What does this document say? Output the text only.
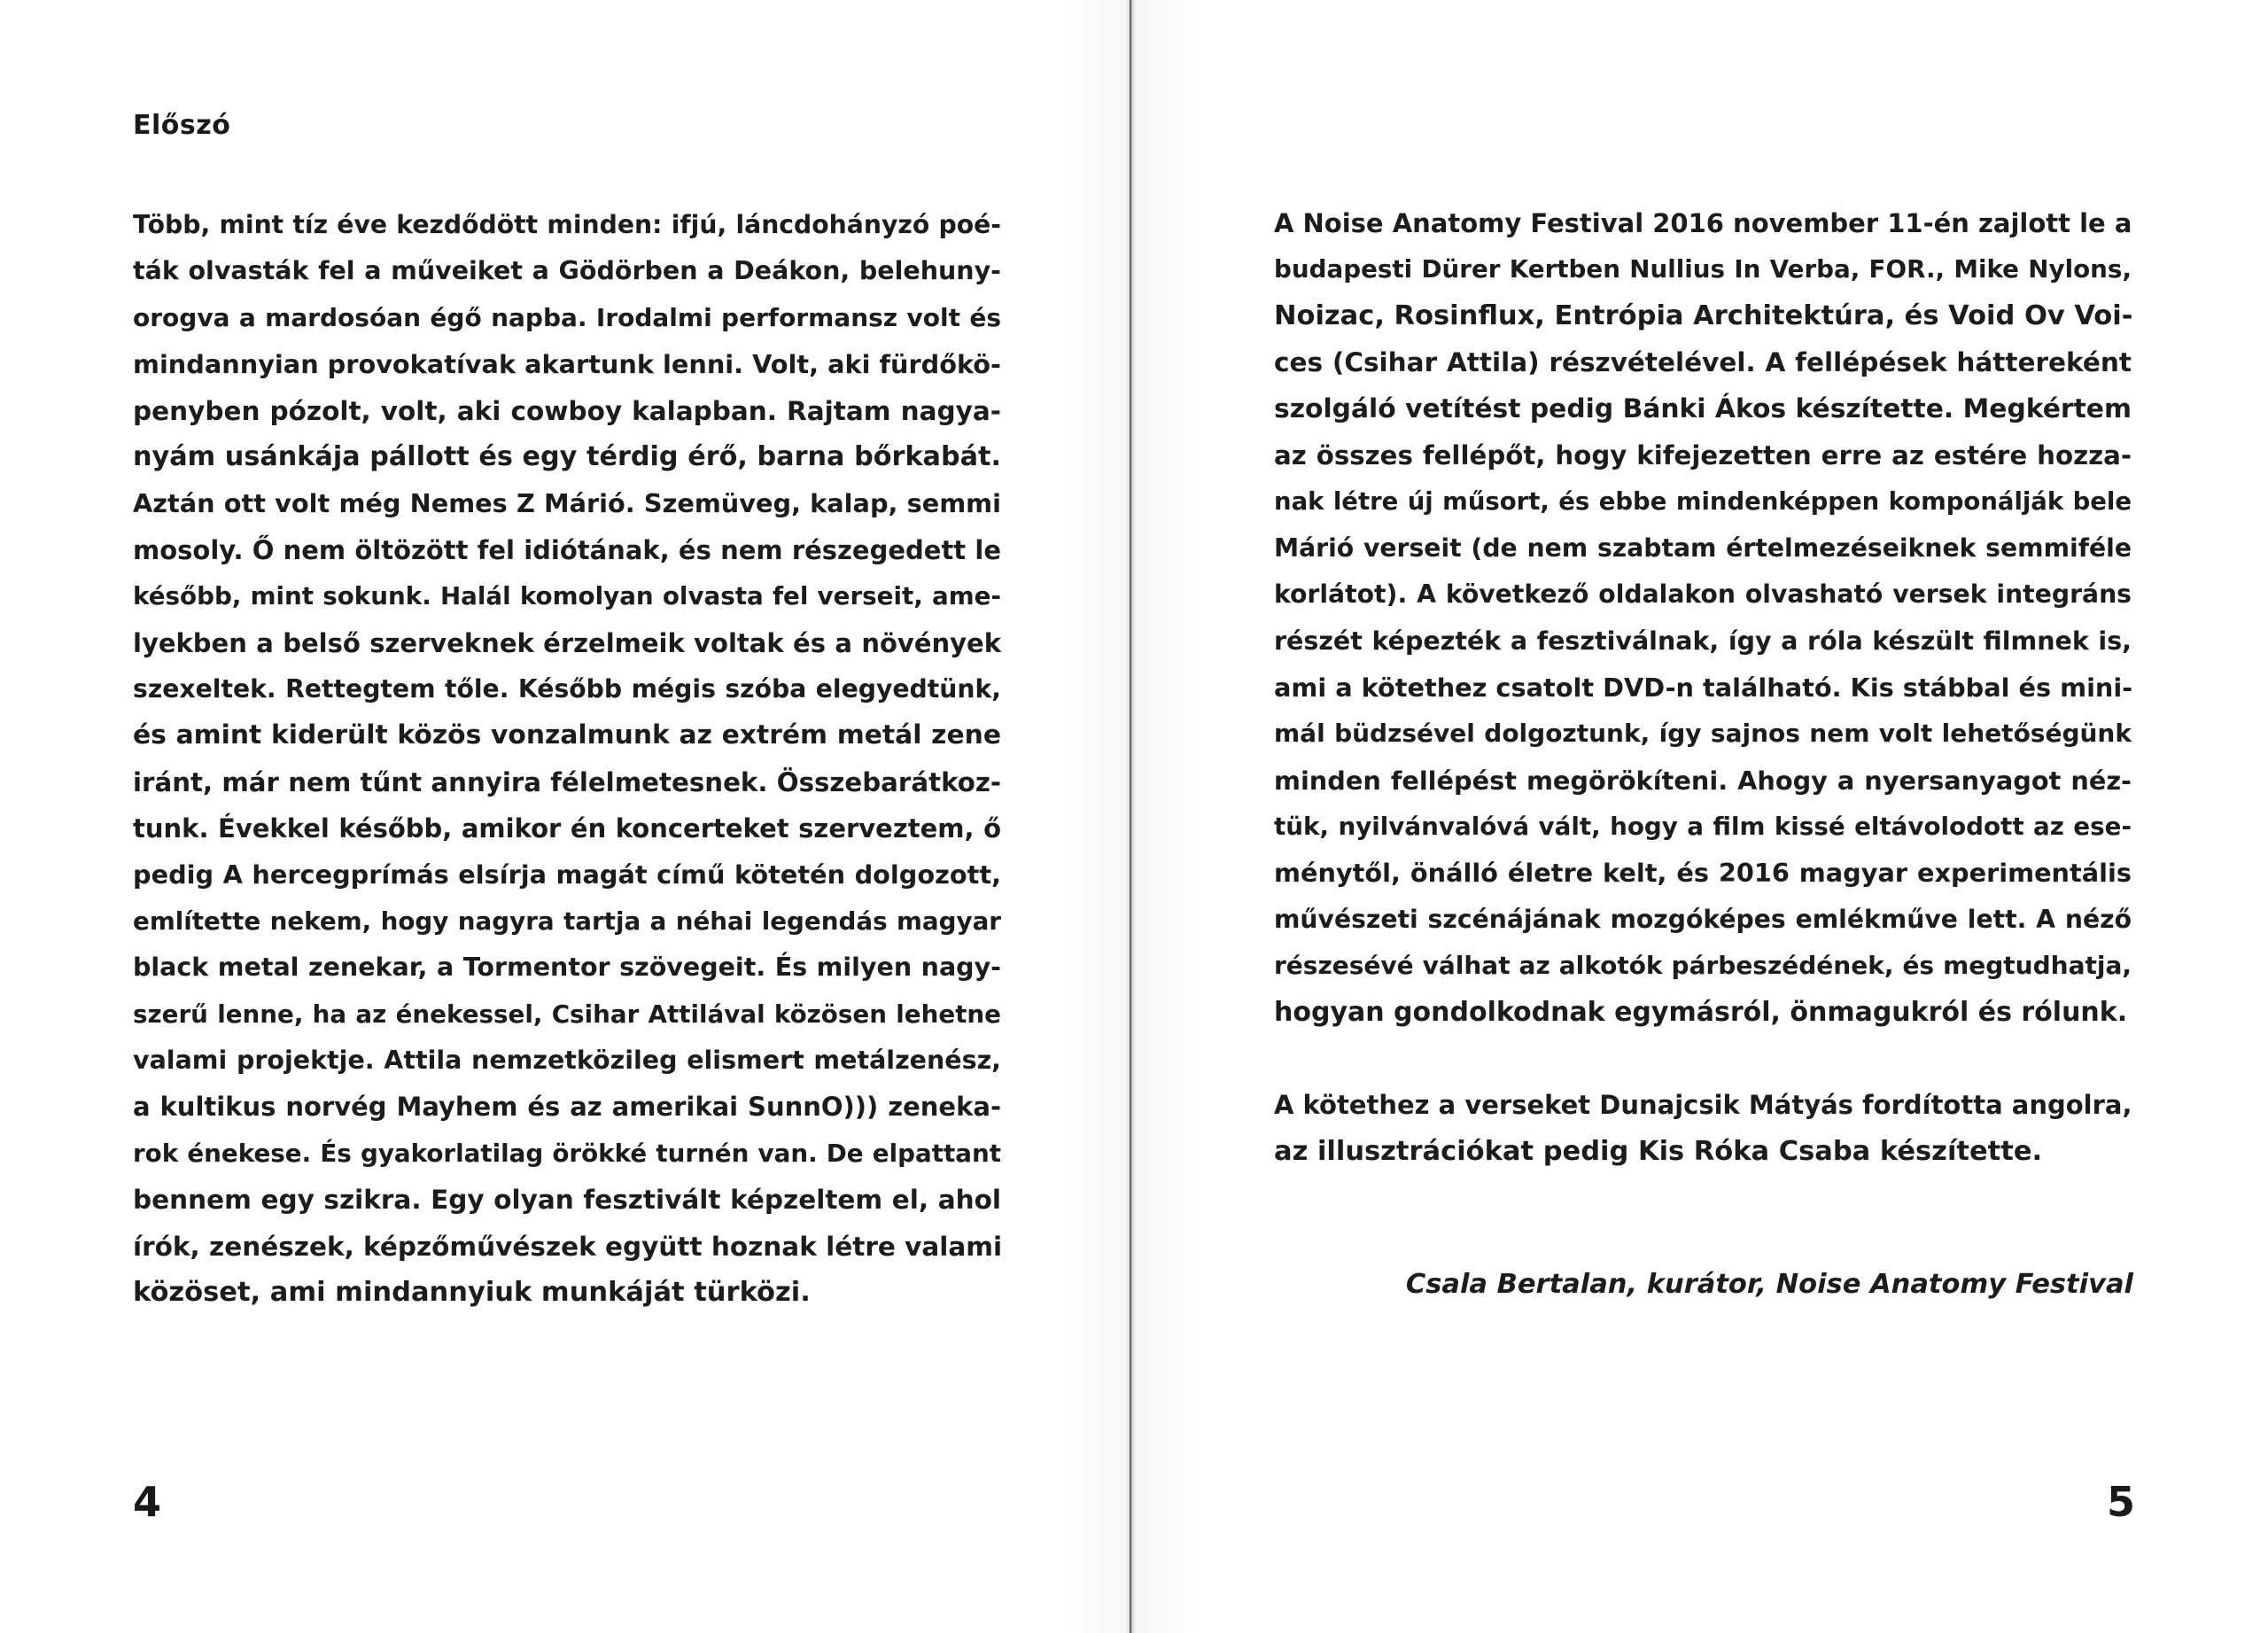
Előszó
Több, mint tíz éve kezdődött minden: ifjú, láncdohányzó poé-
ták olvasták fel a műveiket a Gödörben a Deákon, belehuny-
orogva a mardosóan égő napba. Irodalmi performansz volt és
mindannyian provokatívak akartunk lenni. Volt, aki fürdőkö-
penyben pózolt, volt, aki cowboy kalapban. Rajtam nagya-
nyám usánkája pállott és egy térdig érő, barna bőrkabát.
Aztán ott volt még Nemes Z Márió. Szemüveg, kalap, semmi
mosoly. Ő nem öltözött fel idiótának, és nem részegedett le
később, mint sokunk. Halál komolyan olvasta fel verseit, ame-
lyekben a belső szerveknek érzelmeik voltak és a növények
szexeltek. Rettegtem tőle. Később mégis szóba elegyedtünk,
és amint kiderült közös vonzalmunk az extrém metál zene
iránt, már nem tűnt annyira félelmetesnek. Összebarátkoz-
tunk. Évekkel később, amikor én koncerteket szerveztem, ő
pedig A hercegprímás elsírja magát című kötetén dolgozott,
említette nekem, hogy nagyra tartja a néhai legendás magyar
black metal zenekar, a Tormentor szövegeit. És milyen nagy-
szerű lenne, ha az énekessel, Csihar Attilával közösen lehetne
valami projektje. Attila nemzetközileg elismert metálzenész,
a kultikus norvég Mayhem és az amerikai SunnO))) zeneka-
rok énekese. És gyakorlatilag örökké turnén van. De elpattant
bennem egy szikra. Egy olyan fesztivált képzeltem el, ahol
írók, zenészek, képzőművészek együtt hoznak létre valami
közöset, ami mindannyiuk munkáját türközi.
4
A Noise Anatomy Festival 2016 november 11-én zajlott le a
budapesti Dürer Kertben Nullius In Verba, FOR., Mike Nylons,
Noizac, Rosinflux, Entrópia Architektúra, és Void Ov Voi-
ces (Csihar Attila) részvételével. A fellépések háttereként
szolgáló vetítést pedig Bánki Ákos készítette. Megkértem
az összes fellépőt, hogy kifejezetten erre az estére hozza-
nak létre új műsort, és ebbe mindenképpen komponálják bele
Márió verseit (de nem szabtam értelmezéseiknek semmiféle
korlátot). A következő oldalakon olvasható versek integráns
részét képezték a fesztiválnak, így a róla készült filmnek is,
ami a kötethez csatolt DVD-n található. Kis stábbal és mini-
mál büdzsével dolgoztunk, így sajnos nem volt lehetőségünk
minden fellépést megörökíteni. Ahogy a nyersanyagot néz-
tük, nyilvánvalóvá vált, hogy a film kissé eltávolodott az ese-
ménytől, önálló életre kelt, és 2016 magyar experimentális
művészeti szcénájának mozgóképes emlékműve lett. A néző
részesévé válhat az alkotók párbeszédének, és megtudhatja,
hogyan gondolkodnak egymásról, önmagukról és rólunk.
A kötethez a verseket Dunajcsik Mátyás fordította angolra,
az illusztrációkat pedig Kis Róka Csaba készítette.
Csala Bertalan, kurátor, Noise Anatomy Festival
5
